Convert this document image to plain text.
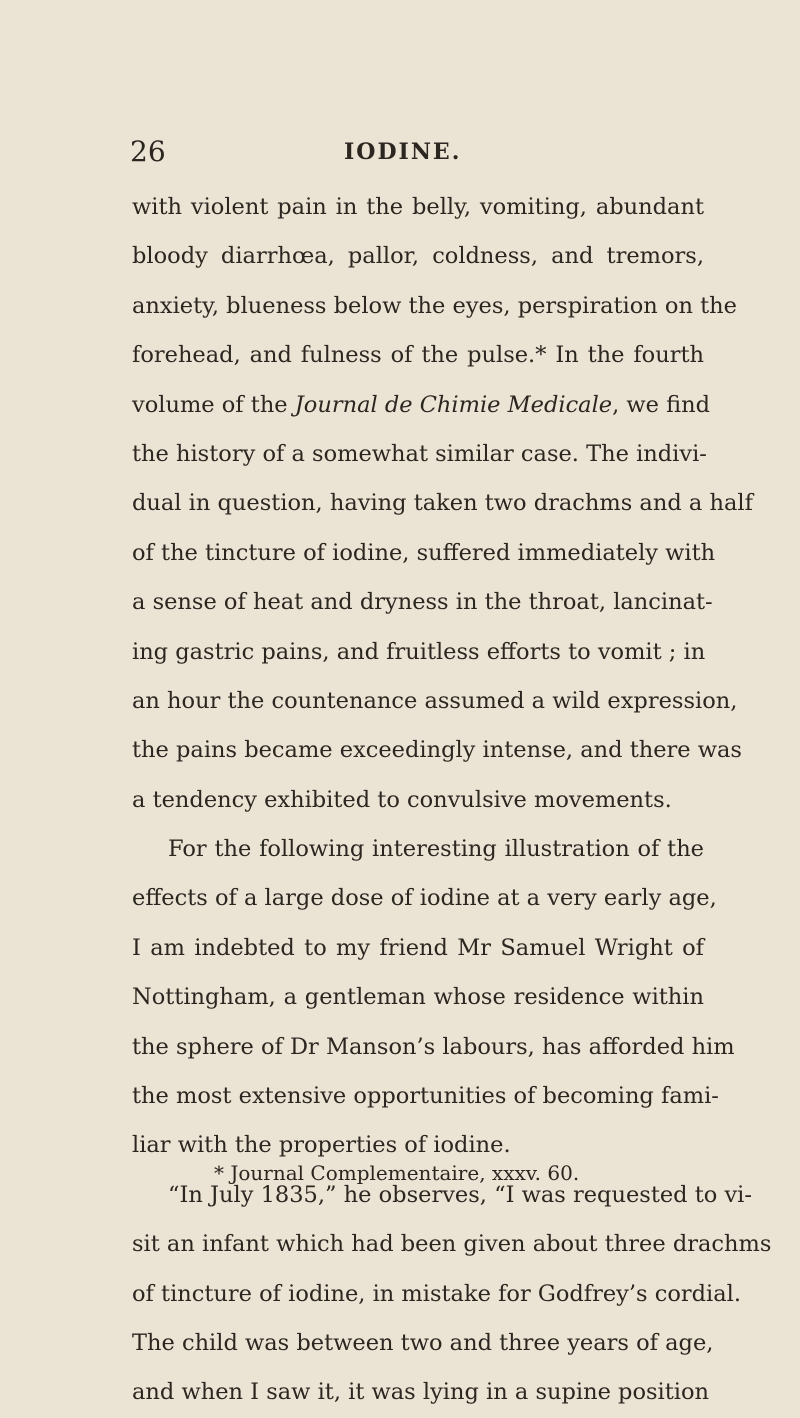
26	IODINE.
with violent pain in the belly, vomiting, abundant
bloody diarrhœa, pallor, coldness, and tremors,
anxiety, blueness below the eyes, perspiration on the
forehead, and fulness of the pulse.* In the fourth
volume of the Journal de Chimie Medicale, we find
the history of a somewhat similar case. The indivi-
dual in question, having taken two drachms and a half
of the tincture of iodine, suffered immediately with
a sense of heat and dryness in the throat, lancinat-
ing gastric pains, and fruitless efforts to vomit ; in
an hour the countenance assumed a wild expression,
the pains became exceedingly intense, and there was
a tendency exhibited to convulsive movements.
For the following interesting illustration of the
effects of a large dose of iodine at a very early age,
I am indebted to my friend Mr Samuel Wright of
Nottingham, a gentleman whose residence within
the sphere of Dr Manson’s labours, has afforded him
the most extensive opportunities of becoming fami-
liar with the properties of iodine.
“In July 1835,” he observes, “I was requested to vi-
sit an infant which had been given about three drachms
of tincture of iodine, in mistake for Godfrey’s cordial.
The child was between two and three years of age,
and when I saw it, it was lying in a supine position
* Journal Complementaire, xxxv. 60.
